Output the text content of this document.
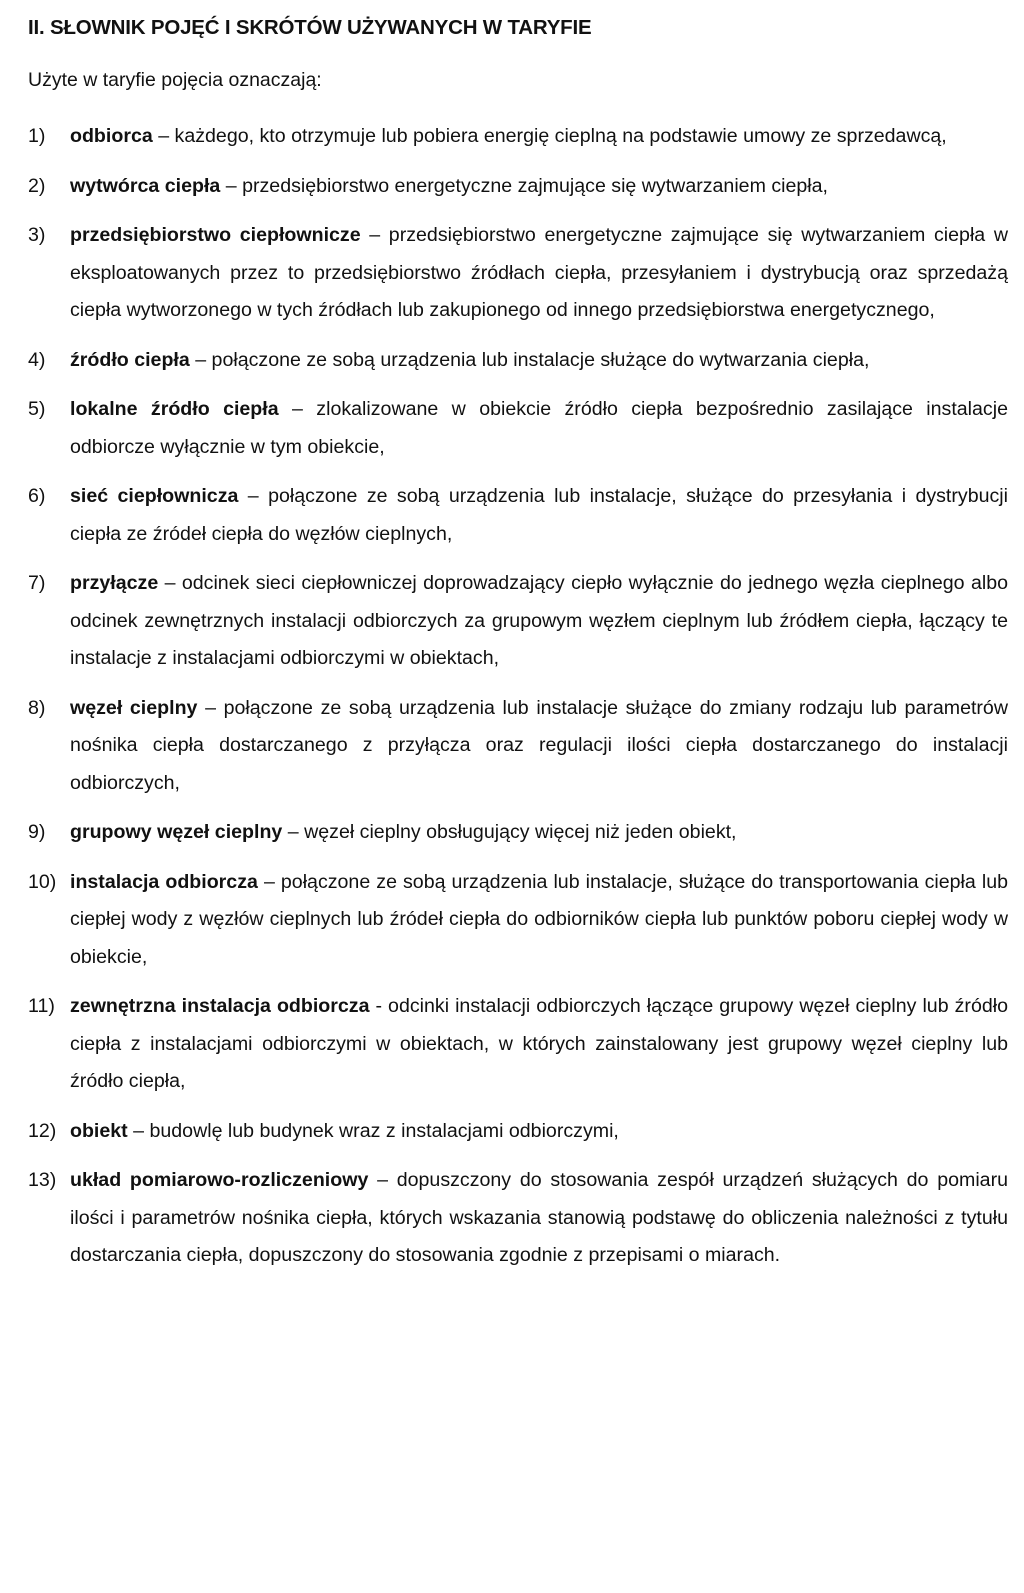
II. SŁOWNIK POJĘĆ I SKRÓTÓW UŻYWANYCH W TARYFIE

Użyte w taryfie pojęcia oznaczają:

1) odbiorca – każdego, kto otrzymuje lub pobiera energię cieplną na podstawie umowy ze sprzedawcą,
2) wytwórca ciepła – przedsiębiorstwo energetyczne zajmujące się wytwarzaniem ciepła,
3) przedsiębiorstwo ciepłownicze – przedsiębiorstwo energetyczne zajmujące się wytwarzaniem ciepła w eksploatowanych przez to przedsiębiorstwo źródłach ciepła, przesyłaniem i dystrybucją oraz sprzedażą ciepła wytworzonego w tych źródłach lub zakupionego od innego przedsiębiorstwa energetycznego,
4) źródło ciepła – połączone ze sobą urządzenia lub instalacje służące do wytwarzania ciepła,
5) lokalne źródło ciepła – zlokalizowane w obiekcie źródło ciepła bezpośrednio zasilające instalacje odbiorcze wyłącznie w tym obiekcie,
6) sieć ciepłownicza – połączone ze sobą urządzenia lub instalacje, służące do przesyłania i dystrybucji ciepła ze źródeł ciepła do węzłów cieplnych,
7) przyłącze – odcinek sieci ciepłowniczej doprowadzający ciepło wyłącznie do jednego węzła cieplnego albo odcinek zewnętrznych instalacji odbiorczych za grupowym węzłem cieplnym lub źródłem ciepła, łączący te instalacje z instalacjami odbiorczymi w obiektach,
8) węzeł cieplny – połączone ze sobą urządzenia lub instalacje służące do zmiany rodzaju lub parametrów nośnika ciepła dostarczanego z przyłącza oraz regulacji ilości ciepła dostarczanego do instalacji odbiorczych,
9) grupowy węzeł cieplny – węzeł cieplny obsługujący więcej niż jeden obiekt,
10) instalacja odbiorcza – połączone ze sobą urządzenia lub instalacje, służące do transportowania ciepła lub ciepłej wody z węzłów cieplnych lub źródeł ciepła do odbiorników ciepła lub punktów poboru ciepłej wody w obiekcie,
11) zewnętrzna instalacja odbiorcza - odcinki instalacji odbiorczych łączące grupowy węzeł cieplny lub źródło ciepła z instalacjami odbiorczymi w obiektach, w których zainstalowany jest grupowy węzeł cieplny lub źródło ciepła,
12) obiekt – budowlę lub budynek wraz z instalacjami odbiorczymi,
13) układ pomiarowo-rozliczeniowy – dopuszczony do stosowania zespół urządzeń służących do pomiaru ilości i parametrów nośnika ciepła, których wskazania stanowią podstawę do obliczenia należności z tytułu dostarczania ciepła, dopuszczony do stosowania zgodnie z przepisami o miarach.
